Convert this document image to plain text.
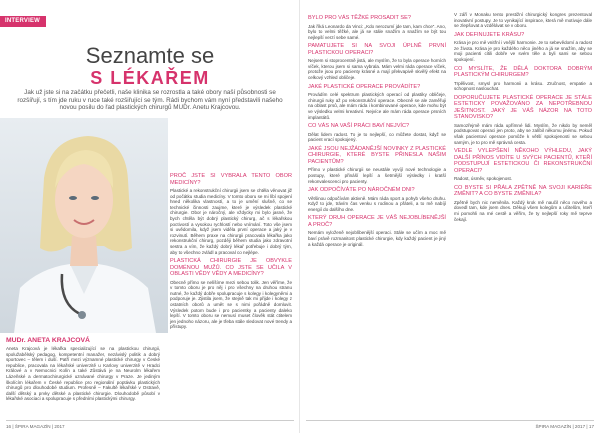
INTERVIEW
Seznamte se
S LÉKAŘEM
Jak už jste si na začátku přečetli, naše klinika se rozrostla a také obory naší působnosti se rozšířují, s tím jde ruku v ruce také rozšiřující se tým. Rádi bychom vám nyní představili našeho novou posilu do řad plastických chirurgů MUDr. Anetu Krajcovou.
MUDr. ANETA KRAJCOVÁ
Aneta Krajcová je lékařka specializující se na plastickou chirurgii, spolužabělský pedagog, kompetentní manažer, nezávislý politik a dobrý sportovec – tělem i duší. Patří mezi významné plastické chirurgy v České republice, pracovala na lékařské univerzitě u Karlovy univerzitě v Hradci Králové a v Nemocnici Kolín a také Zůstává je na Neurolm lékařem Lázeňské a dermatochirurgické uznávané chirurgy v Praze. Je jediným školícím lékařem v České republice pro regionální poptávku plastických chirurgů pro dlouhodobé studium. Profesně – Fakultě lékařské v Ostravě, další dětský a prvky dětské a plastické chirurgie. Dlouhodobě působí v lékařské asociaci a spolupracuje s předními plastickými chirurgy.
PROČ JSTE SI VYBRALA TENTO OBOR MEDICÍNY?
Plastické a rekonstrukční chirurgii jsem se chtěla věnovat již od počátku studia medicíny. V tomto oboru se mi líbí spojení hned několika vlastností, a to je umění slušně, co se technické činnosti zaujme, které je výsledek plastické chirurgie. Obor je náročný, ale vždycky mi bylo jasné, že bych chtěla být dobrý plastický chirurg, ač s lékařskou poctivostí a vysokou rychlostí nebo vnímání. Toto vše jsem si uvědomila, když jsem viděla první operace a jaký je v rozvinutí. Během praxe na chirurgii pracovala lékařka jako rekonstrukční chirurg, později během studia jako zdravotní sestra a vím, že každý dobrý lékař potřebuje i dobrý tým, aby to všechno zvládl a pracoval co nejlépe.
PLASTICKÁ CHIRURGIE JE OBVYKLE DOMÉNOU MUŽŮ. CO JSTE SE UČILA V OBLASTI VĚDY VĚDY A MEDICÍNY?
Obecně přímo se nelíšíme mezi sebou tolik. Jen věříme, že v tomto oboru je pro něj i pro všechny na druhou stranu nutné, že každý dobře spolupracuje s kolegy i kolegyněmi a podporuje je. Zjistila jsem, že stejně tak mi přijde i kolegy z ostatních oborů a umět se s nimi pořádně domluvit. Výsledek potom bude i pro pacientky a pacienty daleko lepší. V tomto oboru se nemusí muset člověk stát ctitelem jen jednoho názoru, ale je třeba stále sledovat nové trendy a přístupy.
16 | ŠPIRA MAGAZÍN | 2017
BYLO PRO VÁS TĚŽKÉ PROSADIT SE?
Jak říká Leonardo da Vinci: „Kdo nerozumí jde tam, kam chce“. Ano, bylo to velmi těžké, ale já se stále snažím a snažím se být tou nejlepší verzí sebe samé.
PAMATUJETE SI NA SVOJI ÚPLNĚ PRVNÍ PLASTICKOU OPERACI?
Nejsem si stoprocentně jistá, ale myslím, že to byla operace horních víček, kterou jsem si sama vybrala. Mám velmi ráda operace víček, protože jsou pro pacienty krásné a mají překvapivě skvělý efekt na celkový vzhled obličeje.
JAKÉ PLASTICKÉ OPERACE PROVÁDÍTE?
Provádím celé spektrum plastických operací od plastiky obličeje, chirurgii ruky až po rekonstrukční operace. Obecně se ale zaměřuji na oblast prsů, ale mám ráda i kombinované operace, kde mohu být ve výsledku velmi kreativní. Nejvíce ale mám ráda operace prsních implantátů.
CO VÁS NA VAŠÍ PRÁCI BAVÍ NEJVÍC?
Dělat lidem radost. To je to nejlepší, co můžete dostat, když se pacient vrací spokojený.
JAKÉ JSOU NEJŽÁDANĚJŠÍ NOVINKY Z PLASTICKÉ CHIRURGIE, KTERÉ BYSTE PŘINESLA NAŠIM PACIENTŮM?
Přímo v plastické chirurgii se neustále vyvíjí nové technologie a postupy, které přináší lepší a šetrnější výsledky i kratší rekonvalescenci pro pacienty.
JAK ODPOČÍVÁTE PO NÁROČNÉM DNI?
Většinou odpočívám aktivně. Mám ráda sport a pohyb všeho druhu. Když to jde, trávím čas venku s rodinou a přáteli, a to mě nabíjí energií do dalšího dne.
KTERÝ DRUH OPERACE JE VÁŠ NEJOBLÍBENĚJŠÍ A PROČ?
Nemám vyloženě nejoblíbenější operaci. Stále se učím a moc mě baví právě rozmanitost plastické chirurgie, kdy každý pacient je jiný a každá operace je originál.
V září v Monaku tento prestižní chirurgický kongres prezentoval inovativní postupy. Je to vynikající inspirace, která mě motivuje dále se zlepšovat a vzdělávat se v oboru.
JAK DEFINUJETE KRÁSU?
Krása je pro mě vnitřní i vnější harmonie. Je to sebevědomí a radost ze života. Krása je pro každého něco jiného a já se snažím, aby se moji pacienti cítili dobře ve svém těle a byli sami se sebou spokojení.
CO MYSLÍTE, ŽE DĚLÁ DOKTORA DOBRÝM PLASTICKÝM CHIRURGEM?
Trpělivost, smysl pro harmonii a krásu. Zručnost, empatie a schopnost naslouchat.
DOPORUČUJETE PLASTICKÉ OPERACE JE STÁLE ESTETICKY POVAŽOVÁNO ZA NEPOTŘEBNOU JEŠITNOST. JAKÝ JE VÁŠ NÁZOR NA TOTO STANOVISKO?
Samozřejmě mám ráda upřímné lidi. Myslím, že nikdo by neměl podstupovat operaci jen proto, aby se zalíbil někomu jinému. Pokud však pacientovi operace pomůže k větší spokojenosti se sebou samým, je to pro mě správná cesta.
VEDLE VYLEPŠENÍ NĚKOHO VÝHLEDU, JAKÝ DALŠÍ PŘÍNOS VIDÍTE U SVÝCH PACIENTŮ, KTEŘÍ PODSTUPUJÍ ESTETICKOU ČI REKONSTRUKČNÍ OPERACI?
Radost, úsměv, spokojenost.
CO BYSTE SI PŘÁLA ZPĚTNĚ NA SVOJI KARIÉŘE ZMĚNIT? A CO BYSTE ZMĚNILA?
Zpětně bych nic neměnila. Každý krok mě naučil něco nového a dovedl tam, kde jsem dnes. Děkuji všem kolegům a učitelům, kteří mi pomohli na mé cestě a věřím, že ty nejlepší roky mě teprve čekají.
ŠPIRA MAGAZÍN | 2017 | 17
